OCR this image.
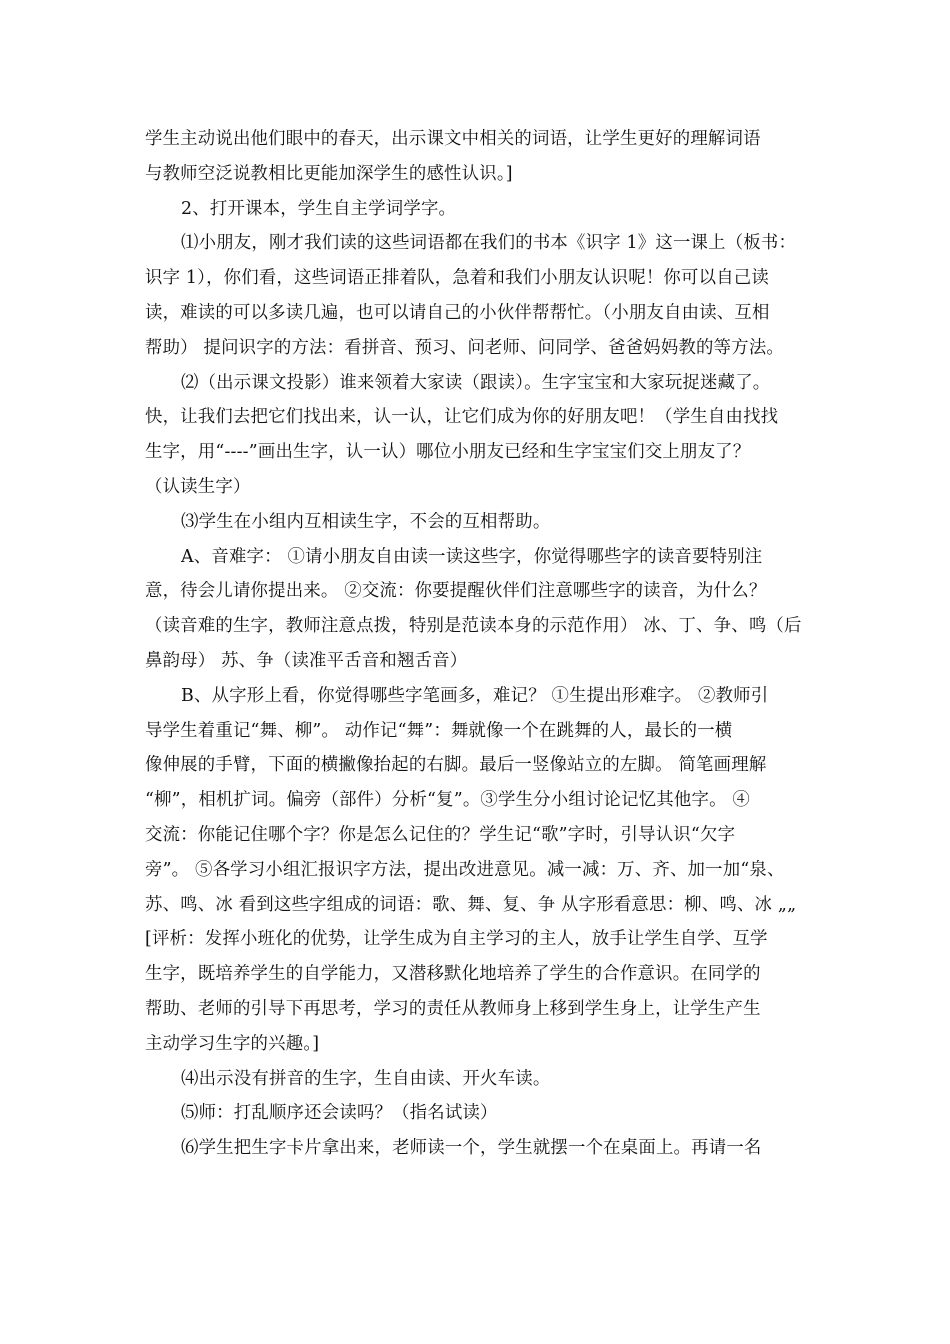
学生主动说出他们眼中的春天，出示课文中相关的词语，让学生更好的理解词语
与教师空泛说教相比更能加深学生的感性认识。]
2、打开课本，学生自主学词学字。
⑴小朋友，刚才我们读的这些词语都在我们的书本《识字 1》这一课上（板书：
识字 1），你们看，这些词语正排着队，急着和我们小朋友认识呢！你可以自己读
读，难读的可以多读几遍，也可以请自己的小伙伴帮帮忙。（小朋友自由读、互相
帮助） 提问识字的方法：看拼音、预习、问老师、问同学、爸爸妈妈教的等方法。
⑵（出示课文投影）谁来领着大家读（跟读）。生字宝宝和大家玩捉迷藏了。
快，让我们去把它们找出来，认一认，让它们成为你的好朋友吧！（学生自由找找
生字，用“----”画出生字，认一认）哪位小朋友已经和生字宝宝们交上朋友了？
（认读生字）
⑶学生在小组内互相读生字，不会的互相帮助。
A、音难字： ①请小朋友自由读一读这些字，你觉得哪些字的读音要特别注
意，待会儿请你提出来。 ②交流：你要提醒伙伴们注意哪些字的读音，为什么？
（读音难的生字，教师注意点拨，特别是范读本身的示范作用） 冰、丁、争、鸣（后
鼻韵母） 苏、争（读准平舌音和翘舌音）
B、从字形上看，你觉得哪些字笔画多，难记？ ①生提出形难字。 ②教师引
导学生着重记“舞、柳”。 动作记“舞”：舞就像一个在跳舞的人，最长的一横
像伸展的手臂，下面的横撇像抬起的右脚。最后一竖像站立的左脚。 简笔画理解
“柳”，相机扩词。偏旁（部件）分析“复”。③学生分小组讨论记忆其他字。 ④
交流：你能记住哪个字？你是怎么记住的？学生记“歌”字时，引导认识“欠字
旁”。 ⑤各学习小组汇报识字方法，提出改进意见。减一减：万、齐、加一加“泉、
苏、鸣、冰 看到这些字组成的词语：歌、舞、复、争 从字形看意思：柳、鸣、冰 „„
[评析：发挥小班化的优势，让学生成为自主学习的主人，放手让学生自学、互学
生字，既培养学生的自学能力，又潜移默化地培养了学生的合作意识。在同学的
帮助、老师的引导下再思考，学习的责任从教师身上移到学生身上，让学生产生
主动学习生字的兴趣。]
⑷出示没有拼音的生字，生自由读、开火车读。
⑸师：打乱顺序还会读吗？（指名试读）
⑹学生把生字卡片拿出来，老师读一个，学生就摆一个在桌面上。再请一名
